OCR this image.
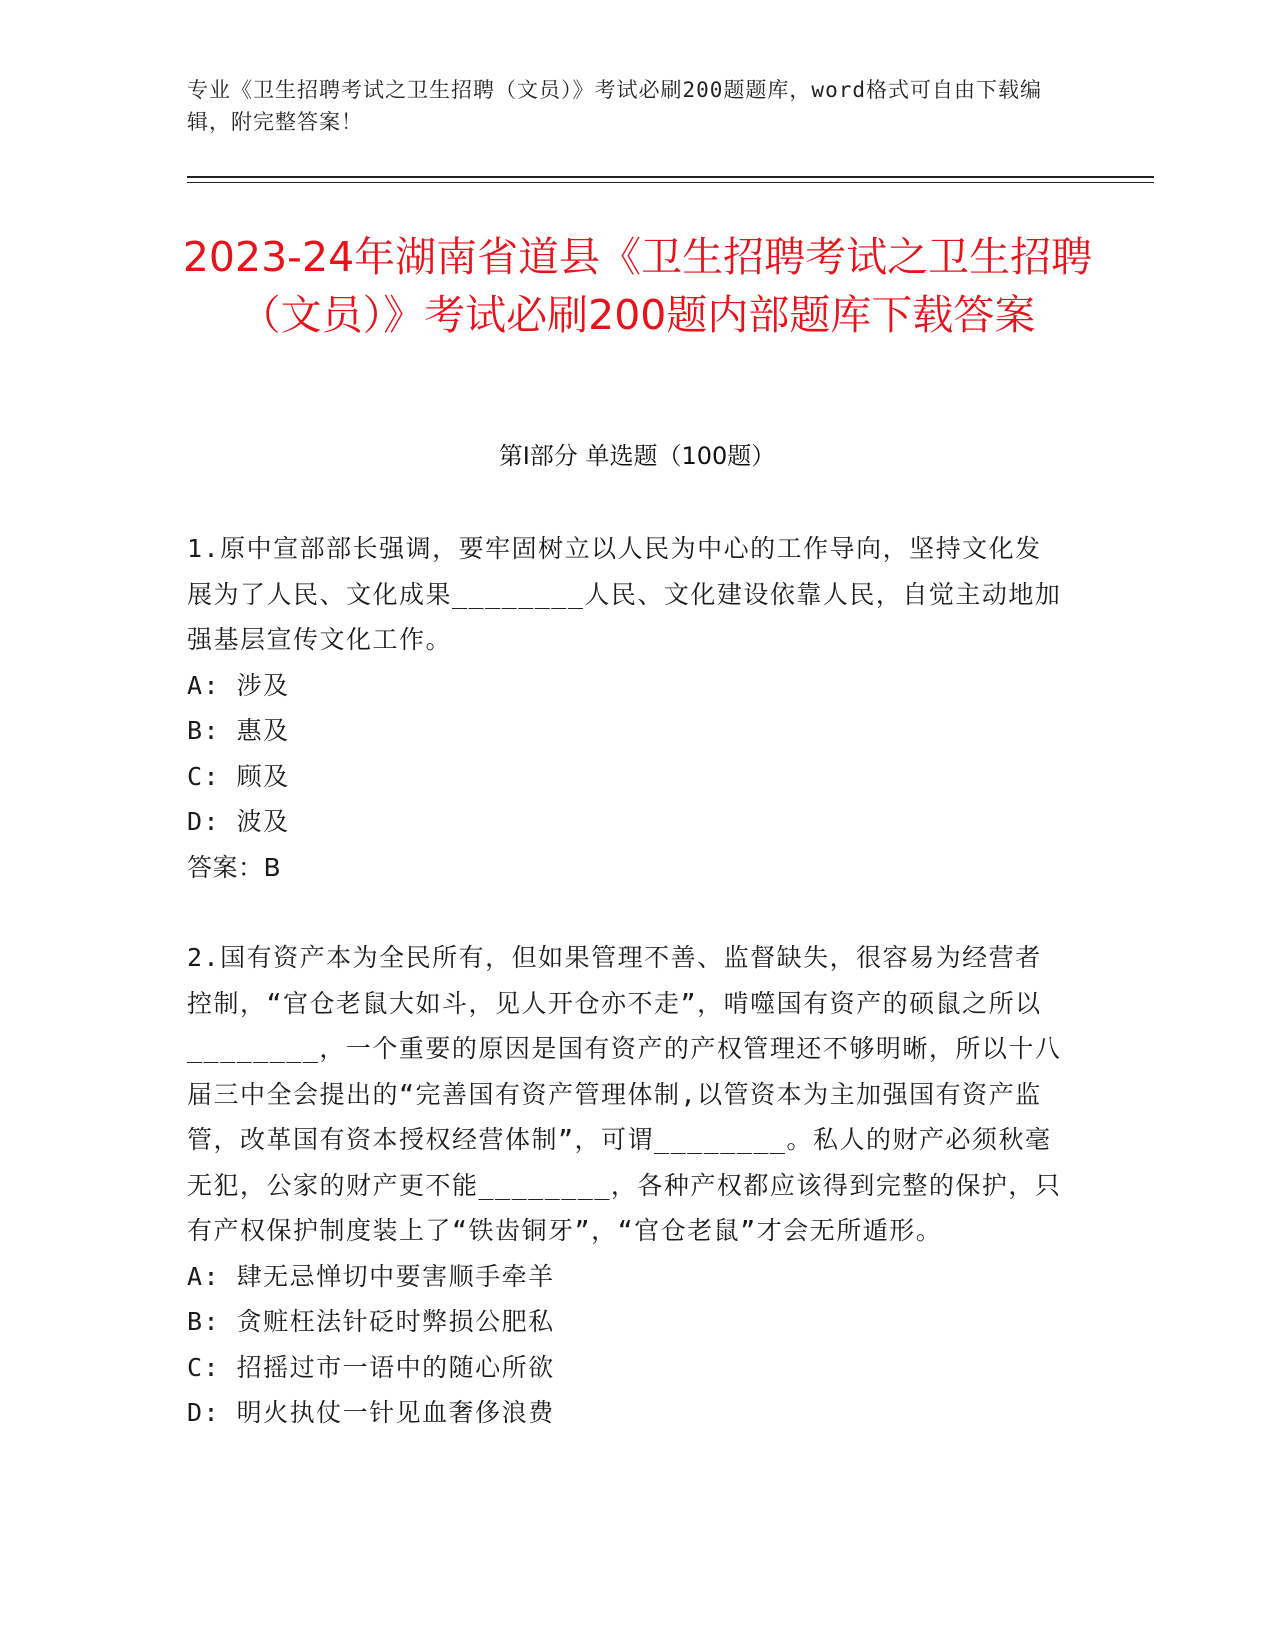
专业《卫生招聘考试之卫生招聘（文员）》考试必刷200题题库，word格式可自由下载编辑，附完整答案！
2023-24年湖南省道县《卫生招聘考试之卫生招聘（文员）》考试必刷200题内部题库下载答案
第Ⅰ部分 单选题（100题）

1.原中宣部部长强调，要牢固树立以人民为中心的工作导向，坚持文化发展为了人民、文化成果________人民、文化建设依靠人民，自觉主动地加强基层宣传文化工作。

A: 涉及

B: 惠及

C: 顾及

D: 波及

答案：B

2.国有资产本为全民所有，但如果管理不善、监督缺失，很容易为经营者控制，“官仓老鼠大如斗，见人开仓亦不走”，啃噬国有资产的硕鼠之所以________，一个重要的原因是国有资产的产权管理还不够明晰，所以十八届三中全会提出的“完善国有资产管理体制,以管资本为主加强国有资产监管，改革国有资本授权经营体制”，可谓________。私人的财产必须秋毫无犯，公家的财产更不能________，各种产权都应该得到完整的保护，只有产权保护制度装上了“铁齿铜牙”，“官仓老鼠”才会无所遁形。

A: 肆无忌惮切中要害顺手牵羊

B: 贪赃枉法针砭时弊损公肥私

C: 招摇过市一语中的随心所欲

D: 明火执仗一针见血奢侈浪费
